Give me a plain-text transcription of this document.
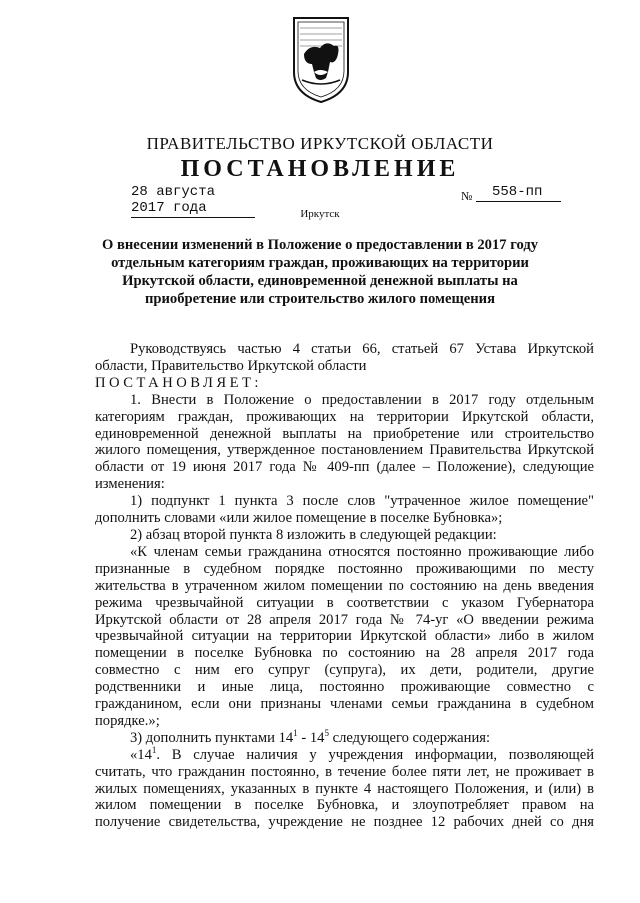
ПРАВИТЕЛЬСТВО ИРКУТСКОЙ ОБЛАСТИ
ПОСТАНОВЛЕНИЕ
28 августа 2017 года
№	558-пп
Иркутск
О внесении изменений в Положение о предоставлении в 2017 году
отдельным категориям граждан, проживающих на территории
Иркутской области, единовременной денежной выплаты на
приобретение или строительство жилого помещения

Руководствуясь частью 4 статьи 66, статьей 67 Устава Иркутской

области, Правительство Иркутской области

ПОСТАНОВЛЯЕТ:

1. Внести в Положение о предоставлении в 2017 году отдельным

категориям граждан, проживающих на территории Иркутской области,

единовременной денежной выплаты на приобретение или строительство

жилого помещения, утвержденное постановлением Правительства Иркутской

области от 19 июня 2017 года № 409-пп (далее – Положение), следующие

изменения:

1) подпункт 1 пункта 3 после слов "утраченное жилое помещение"

дополнить словами «или жилое помещение в поселке Бубновка»;

2) абзац второй пункта 8 изложить в следующей редакции:

«К членам семьи гражданина относятся постоянно проживающие либо

признанные в судебном порядке постоянно проживающими по месту

жительства в утраченном жилом помещении по состоянию на день введения

режима чрезвычайной ситуации в соответствии с указом Губернатора

Иркутской области от 28 апреля 2017 года № 74-уг «О введении режима

чрезвычайной ситуации на территории Иркутской области» либо в жилом

помещении в поселке Бубновка по состоянию на 28 апреля 2017 года

совместно с ним его супруг (супруга), их дети, родители, другие

родственники и иные лица, постоянно проживающие совместно с

гражданином, если они признаны членами семьи гражданина в судебном

порядке.»;

3) дополнить пунктами $14^1 - 14^5$ следующего содержания:

«$14^1$. В случае наличия у учреждения информации, позволяющей

считать, что гражданин постоянно, в течение более пяти лет, не проживает в

жилых помещениях, указанных в пункте 4 настоящего Положения, и (или) в

жилом помещении в поселке Бубновка, и злоупотребляет правом на

получение свидетельства, учреждение не позднее 12 рабочих дней со дня
